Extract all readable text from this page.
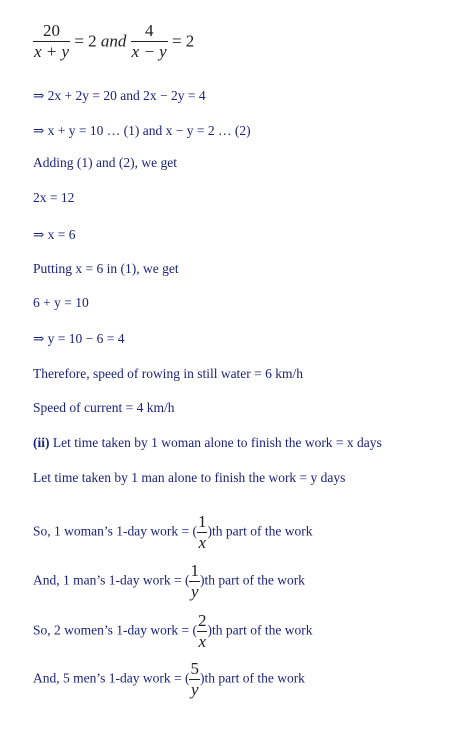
$\frac{20}{x + y} = 2$ and $\frac{4}{x - y} = 2$
⇒ 2x + 2y = 20 and 2x − 2y = 4
⇒ x + y = 10 … (1) and x − y = 2 … (2)
Adding (1) and (2), we get
2x = 12
⇒ x = 6
Putting x = 6 in (1), we get
6 + y = 10
⇒ y = 10 − 6 = 4
Therefore, speed of rowing in still water = 6 km/h
Speed of current = 4 km/h
(ii) Let time taken by 1 woman alone to finish the work = x days
Let time taken by 1 man alone to finish the work = y days
So, 1 woman’s 1-day work = ( $\frac{1}{x} )th$ part of the work
And, 1 man’s 1-day work = ( $\frac{1}{y} )th$ part of the work
So, 2 women’s 1-day work = ( $\frac{2}{x} )th$ part of the work
And, 5 men’s 1-day work = ( $\frac{5}{y} )th$ part of the work
